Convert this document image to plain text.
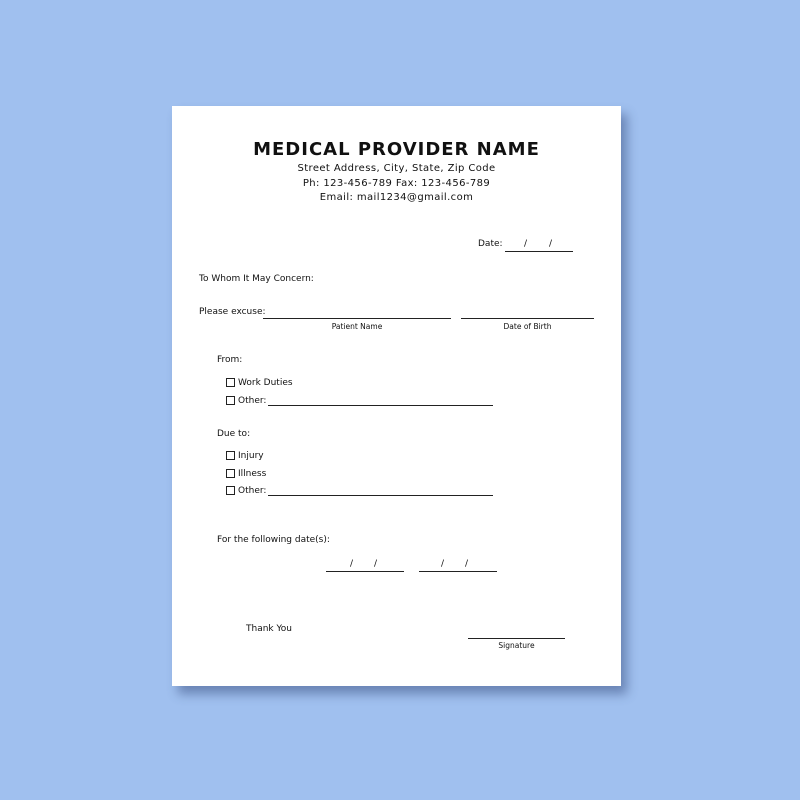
MEDICAL PROVIDER NAME
Street Address, City, State, Zip Code
Ph: 123-456-789 Fax: 123-456-789
Email: mail1234@gmail.com
Date: / /
To Whom It May Concern:
Please excuse:
Patient Name	Date of Birth
From:
Work Duties
Other:
Due to:
Injury
Illness
Other:
For the following date(s):
/ /	/ /
Thank You
Signature
